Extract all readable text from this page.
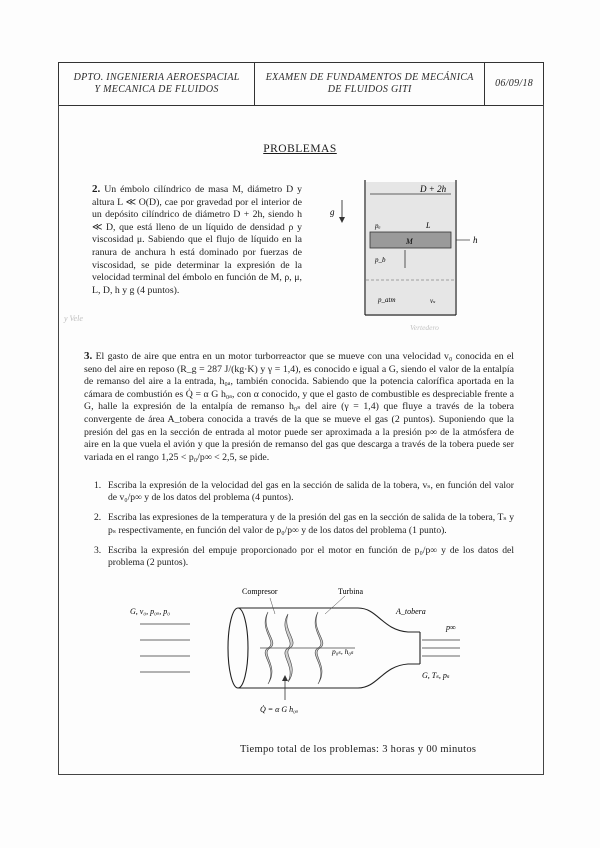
DPTO. INGENIERIA AEROESPACIAL
Y MECANICA DE FLUIDOS
EXAMEN DE FUNDAMENTOS DE MECÁNICA
DE FLUIDOS GITI
06/09/18
PROBLEMAS
2. Un émbolo cilíndrico de masa M, diámetro D y altura L ≪ O(D), cae por gravedad por el interior de un depósito cilíndrico de diámetro D + 2h, siendo h ≪ D, que está lleno de un líquido de densidad ρ y viscosidad μ. Sabiendo que el flujo de líquido en la ranura de anchura h está dominado por fuerzas de viscosidad, se pide determinar la expresión de la velocidad terminal del émbolo en función de M, ρ, μ, L, D, h y g (4 puntos).
y Vele
D + 2h
g
L
h
M
pₐ
p_b
p_atm	vₛ
Vertedero
3. El gasto de aire que entra en un motor turborreactor que se mueve con una velocidad v₀ conocida en el seno del aire en reposo (R_g = 287 J/(kg·K) y γ = 1,4), es conocido e igual a G, siendo el valor de la entalpía de remanso del aire a la entrada, h₀ₐ, también conocida. Sabiendo que la potencia calorífica aportada en la cámara de combustión es Q̇ = α G h₀ₐ, con α conocido, y que el gasto de combustible es despreciable frente a G, halle la expresión de la entalpía de remanso h₀ₛ del aire (γ = 1,4) que fluye a través de la tobera convergente de área A_tobera conocida a través de la que se mueve el gas (2 puntos). Suponiendo que la presión del gas en la sección de entrada al motor puede ser aproximada a la presión p∞ de la atmósfera de aire en la que vuela el avión y que la presión de remanso del gas que descarga a través de la tobera puede ser variada en el rango 1,25 < p₀/p∞ < 2,5, se pide.
1. Escriba la expresión de la velocidad del gas en la sección de salida de la tobera, vₛ, en función del valor de v₀/p∞ y de los datos del problema (4 puntos).
2. Escriba las expresiones de la temperatura y de la presión del gas en la sección de salida de la tobera, Tₛ y pₛ respectivamente, en función del valor de p₀/p∞ y de los datos del problema (1 punto).
3. Escriba la expresión del empuje proporcionado por el motor en función de p₀/p∞ y de los datos del problema (2 puntos).
G, v₀, p₀ₐ, p₀
Compresor	Turbina
A_tobera
p∞
p₀ₛ, h₀ₛ
G, Tₛ, pₛ
Q̇ = α G h₀ₐ
Tiempo total de los problemas: 3 horas y 00 minutos
